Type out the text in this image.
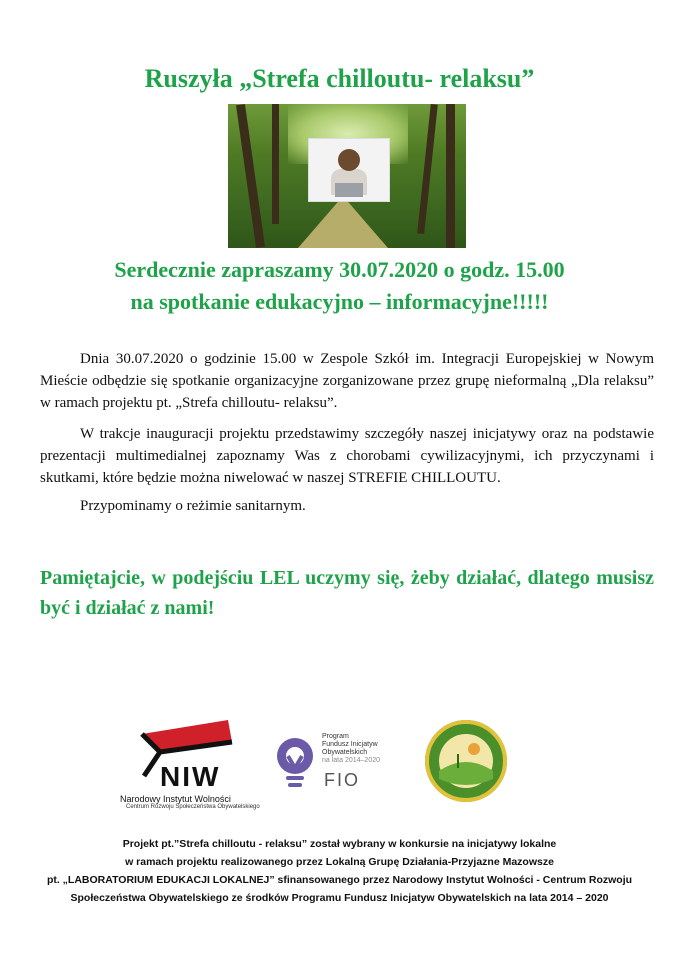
Ruszyła „Strefa chilloutu- relaksu”
Serdecznie zapraszamy 30.07.2020 o godz. 15.00
na spotkanie edukacyjno – informacyjne!!!!!
Dnia 30.07.2020 o godzinie 15.00 w Zespole Szkół im. Integracji Europejskiej w Nowym Mieście odbędzie się spotkanie organizacyjne zorganizowane przez grupę nieformalną „Dla relaksu” w ramach projektu pt. „Strefa chilloutu- relaksu”.
W trakcje inauguracji projektu przedstawimy szczegóły naszej inicjatywy oraz na podstawie prezentacji multimedialnej zapoznamy Was z chorobami cywilizacyjnymi, ich przyczynami i skutkami, które będzie można niwelować w naszej STREFIE CHILLOUTU.
Przypominamy o reżimie sanitarnym.
Pamiętajcie, w podejściu LEL uczymy się, żeby działać, dlatego musisz być i działać z nami!
NIW
Narodowy Instytut Wolności
Centrum Rozwoju Społeczeństwa Obywatelskiego
Program
Fundusz Inicjatyw
Obywatelskich
na lata 2014–2020
FIO
Projekt pt.”Strefa chilloutu - relaksu” został wybrany w konkursie na inicjatywy lokalne
w ramach projektu realizowanego przez Lokalną Grupę Działania-Przyjazne Mazowsze
pt. „LABORATORIUM EDUKACJI LOKALNEJ” sfinansowanego przez Narodowy Instytut Wolności - Centrum Rozwoju
Społeczeństwa Obywatelskiego ze środków Programu Fundusz Inicjatyw Obywatelskich na lata 2014 – 2020
